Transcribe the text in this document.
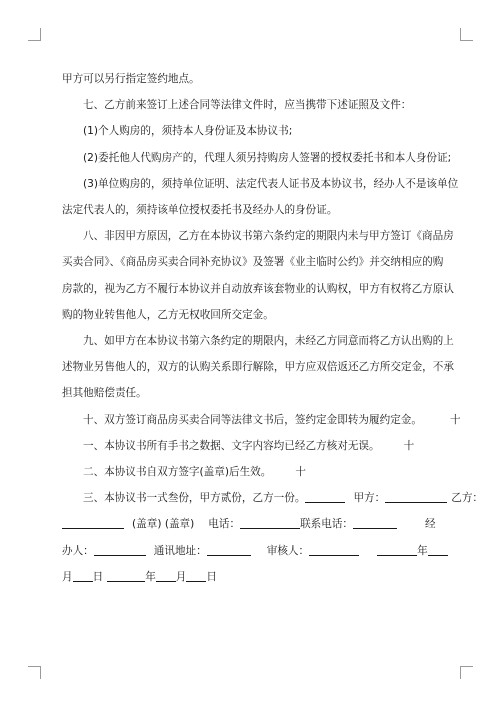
甲方可以另行指定签约地点。
七、乙方前来签订上述合同等法律文件时，应当携带下述证照及文件：
(1)个人购房的，须持本人身份证及本协议书;
(2)委托他人代购房产的，代理人须另持购房人签署的授权委托书和本人身份证;
(3)单位购房的，须持单位证明、法定代表人证书及本协议书，经办人不是该单位
法定代表人的，须持该单位授权委托书及经办人的身份证。
八、非因甲方原因，乙方在本协议书第六条约定的期限内未与甲方签订《商品房
买卖合同》、《商品房买卖合同补充协议》及签署《业主临时公约》并交纳相应的购
房款的，视为乙方不履行本协议并自动放弃该套物业的认购权，甲方有权将乙方原认
购的物业转售他人，乙方无权收回所交定金。
九、如甲方在本协议书第六条约定的期限内，未经乙方同意而将乙方认出购的上
述物业另售他人的，双方的认购关系即行解除，甲方应双倍返还乙方所交定金，不承
担其他赔偿责任。
十、双方签订商品房买卖合同等法律文书后，签约定金即转为履约定金。	十
一、本协议书所有手书之数据、文字内容均已经乙方核对无误。 十
二、本协议书自双方签字(盖章)后生效。 十
三、本协议书一式叁份，甲方贰份，乙方一份。	甲方：	乙方：
(盖章) (盖章) 电话：	联系电话：	经
办人：	通讯地址：	审核人：	年
月 日	年 月 日
